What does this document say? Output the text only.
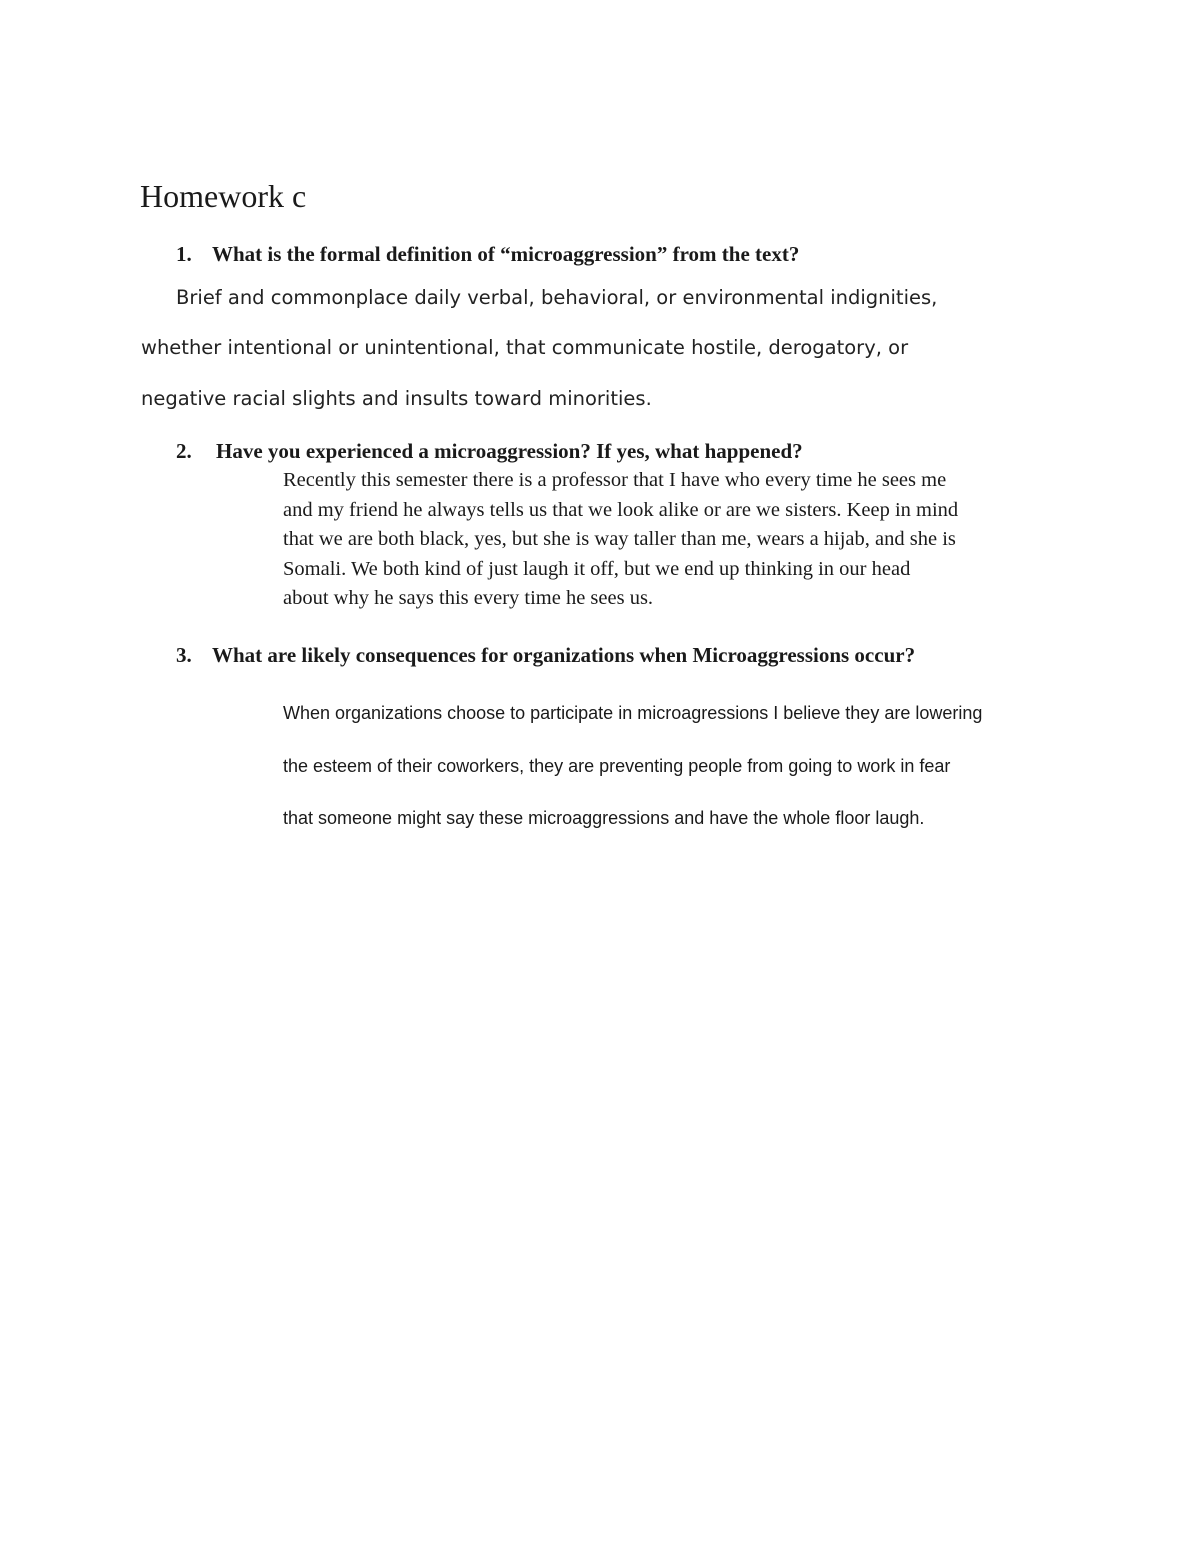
Homework c
1. What is the formal definition of “microaggression” from the text?
Brief and commonplace daily verbal, behavioral, or environmental indignities,
whether intentional or unintentional, that communicate hostile, derogatory, or
negative racial slights and insults toward minorities.
2. Have you experienced a microaggression? If yes, what happened?
Recently this semester there is a professor that I have who every time he sees me
and my friend he always tells us that we look alike or are we sisters. Keep in mind
that we are both black, yes, but she is way taller than me, wears a hijab, and she is
Somali. We both kind of just laugh it off, but we end up thinking in our head
about why he says this every time he sees us.
3. What are likely consequences for organizations when Microaggressions occur?
When organizations choose to participate in microagressions I believe they are lowering
the esteem of their coworkers, they are preventing people from going to work in fear
that someone might say these microaggressions and have the whole floor laugh.
